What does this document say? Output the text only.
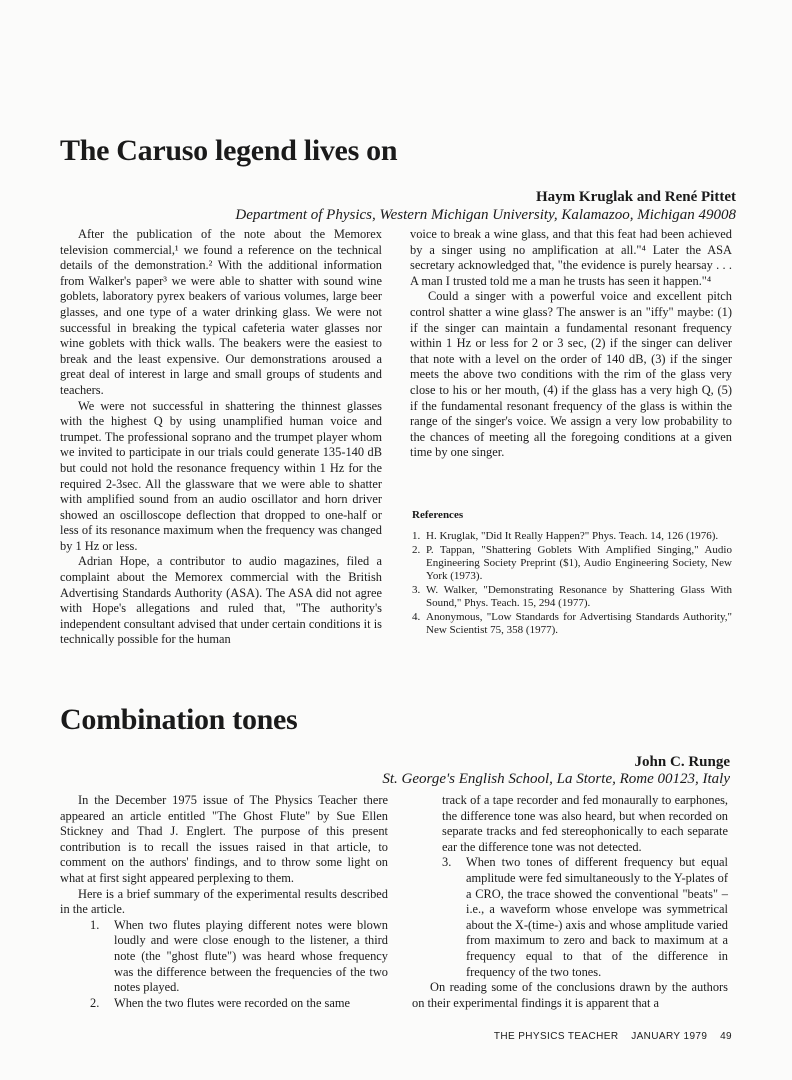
The Caruso legend lives on
Haym Kruglak and René Pittet
Department of Physics, Western Michigan University, Kalamazoo, Michigan 49008

After the publication of the note about the Memorex television commercial,¹ we found a reference on the technical details of the demonstration.² With the additional information from Walker's paper³ we were able to shatter with sound wine goblets, laboratory pyrex beakers of various volumes, large beer glasses, and one type of a water drinking glass. We were not successful in breaking the typical cafeteria water glasses nor wine goblets with thick walls. The beakers were the easiest to break and the least expensive. Our demonstrations aroused a great deal of interest in large and small groups of students and teachers.

We were not successful in shattering the thinnest glasses with the highest Q by using unamplified human voice and trumpet. The professional soprano and the trumpet player whom we invited to participate in our trials could generate 135-140 dB but could not hold the resonance frequency within 1 Hz for the required 2-3sec. All the glassware that we were able to shatter with amplified sound from an audio oscillator and horn driver showed an oscilloscope deflection that dropped to one-half or less of its resonance maximum when the frequency was changed by 1 Hz or less.

Adrian Hope, a contributor to audio magazines, filed a complaint about the Memorex commercial with the British Advertising Standards Authority (ASA). The ASA did not agree with Hope's allegations and ruled that, "The authority's independent consultant advised that under certain conditions it is technically possible for the human

voice to break a wine glass, and that this feat had been achieved by a singer using no amplification at all."⁴ Later the ASA secretary acknowledged that, "the evidence is purely hearsay . . . A man I trusted told me a man he trusts has seen it happen."⁴

Could a singer with a powerful voice and excellent pitch control shatter a wine glass? The answer is an "iffy" maybe: (1) if the singer can maintain a fundamental resonant frequency within 1 Hz or less for 2 or 3 sec, (2) if the singer can deliver that note with a level on the order of 140 dB, (3) if the singer meets the above two conditions with the rim of the glass very close to his or her mouth, (4) if the glass has a very high Q, (5) if the fundamental resonant frequency of the glass is within the range of the singer's voice. We assign a very low probability to the chances of meeting all the foregoing conditions at a given time by one singer.

References
1. H. Kruglak, "Did It Really Happen?" Phys. Teach. 14, 126 (1976).
2. P. Tappan, "Shattering Goblets With Amplified Singing," Audio Engineering Society Preprint ($1), Audio Engineering Society, New York (1973).
3. W. Walker, "Demonstrating Resonance by Shattering Glass With Sound," Phys. Teach. 15, 294 (1977).
4. Anonymous, "Low Standards for Advertising Standards Authority," New Scientist 75, 358 (1977).
Combination tones
John C. Runge
St. George's English School, La Storte, Rome 00123, Italy

In the December 1975 issue of The Physics Teacher there appeared an article entitled "The Ghost Flute" by Sue Ellen Stickney and Thad J. Englert. The purpose of this present contribution is to recall the issues raised in that article, to comment on the authors' findings, and to throw some light on what at first sight appeared perplexing to them.

Here is a brief summary of the experimental results described in the article.

1.	When two flutes playing different notes were blown loudly and were close enough to the listener, a third note (the "ghost flute") was heard whose frequency was the difference between the frequencies of the two notes played.
2.	When the two flutes were recorded on the same
track of a tape recorder and fed monaurally to earphones, the difference tone was also heard, but when recorded on separate tracks and fed stereophonically to each separate ear the difference tone was not detected.
3.	When two tones of different frequency but equal amplitude were fed simultaneously to the Y-plates of a CRO, the trace showed the conventional "beats" – i.e., a waveform whose envelope was symmetrical about the X-(time-) axis and whose amplitude varied from maximum to zero and back to maximum at a frequency equal to that of the difference in frequency of the two tones.

On reading some of the conclusions drawn by the authors on their experimental findings it is apparent that a

THE PHYSICS TEACHER JANUARY 1979 49
